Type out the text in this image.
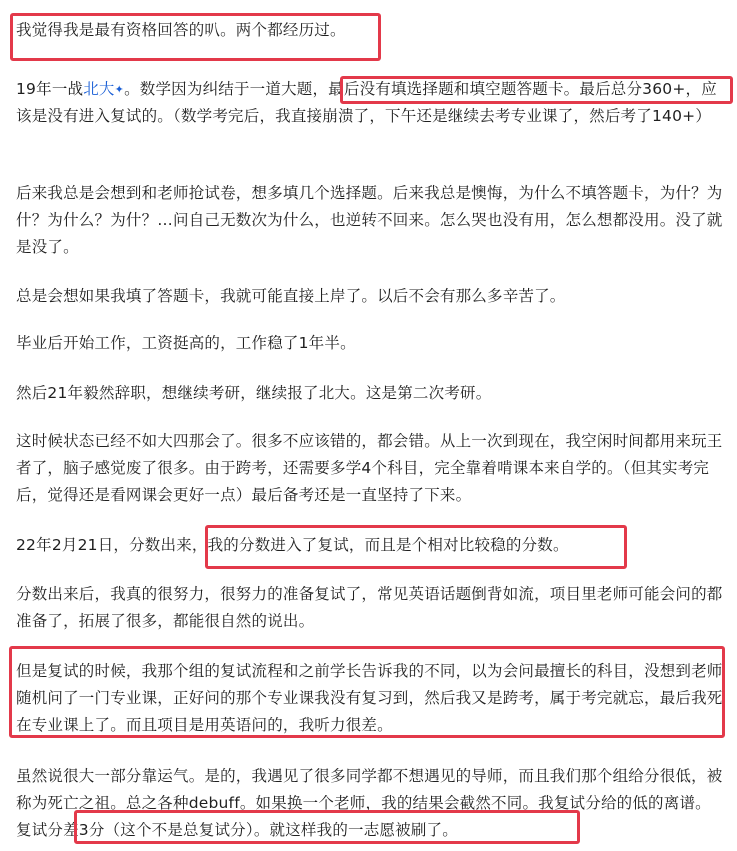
我觉得我是最有资格回答的叭。两个都经历过。

19年一战北大✦。数学因为纠结于一道大题，最后没有填选择题和填空题答题卡。最后总分360+，应该是没有进入复试的。（数学考完后，我直接崩溃了，下午还是继续去考专业课了，然后考了140+）

后来我总是会想到和老师抢试卷，想多填几个选择题。后来我总是懊悔，为什么不填答题卡，为什？为什？为什么？为什？…问自己无数次为什么，也逆转不回来。怎么哭也没有用，怎么想都没用。没了就是没了。

总是会想如果我填了答题卡，我就可能直接上岸了。以后不会有那么多辛苦了。

毕业后开始工作，工资挺高的，工作稳了1年半。

然后21年毅然辞职，想继续考研，继续报了北大。这是第二次考研。

这时候状态已经不如大四那会了。很多不应该错的，都会错。从上一次到现在，我空闲时间都用来玩王者了，脑子感觉废了很多。由于跨考，还需要多学4个科目，完全靠着啃课本来自学的。（但其实考完后，觉得还是看网课会更好一点）最后备考还是一直坚持了下来。

22年2月21日，分数出来，我的分数进入了复试，而且是个相对比较稳的分数。

分数出来后，我真的很努力，很努力的准备复试了，常见英语话题倒背如流，项目里老师可能会问的都准备了，拓展了很多，都能很自然的说出。

但是复试的时候，我那个组的复试流程和之前学长告诉我的不同，以为会问最擅长的科目，没想到老师随机问了一门专业课，正好问的那个专业课我没有复习到，然后我又是跨考，属于考完就忘，最后我死在专业课上了。而且项目是用英语问的，我听力很差。

虽然说很大一部分靠运气。是的，我遇见了很多同学都不想遇见的导师，而且我们那个组给分很低，被称为死亡之祖。总之各种debuff。如果换一个老师，我的结果会截然不同。我复试分给的低的离谱。复试分差3分（这个不是总复试分）。就这样我的一志愿被刷了。
